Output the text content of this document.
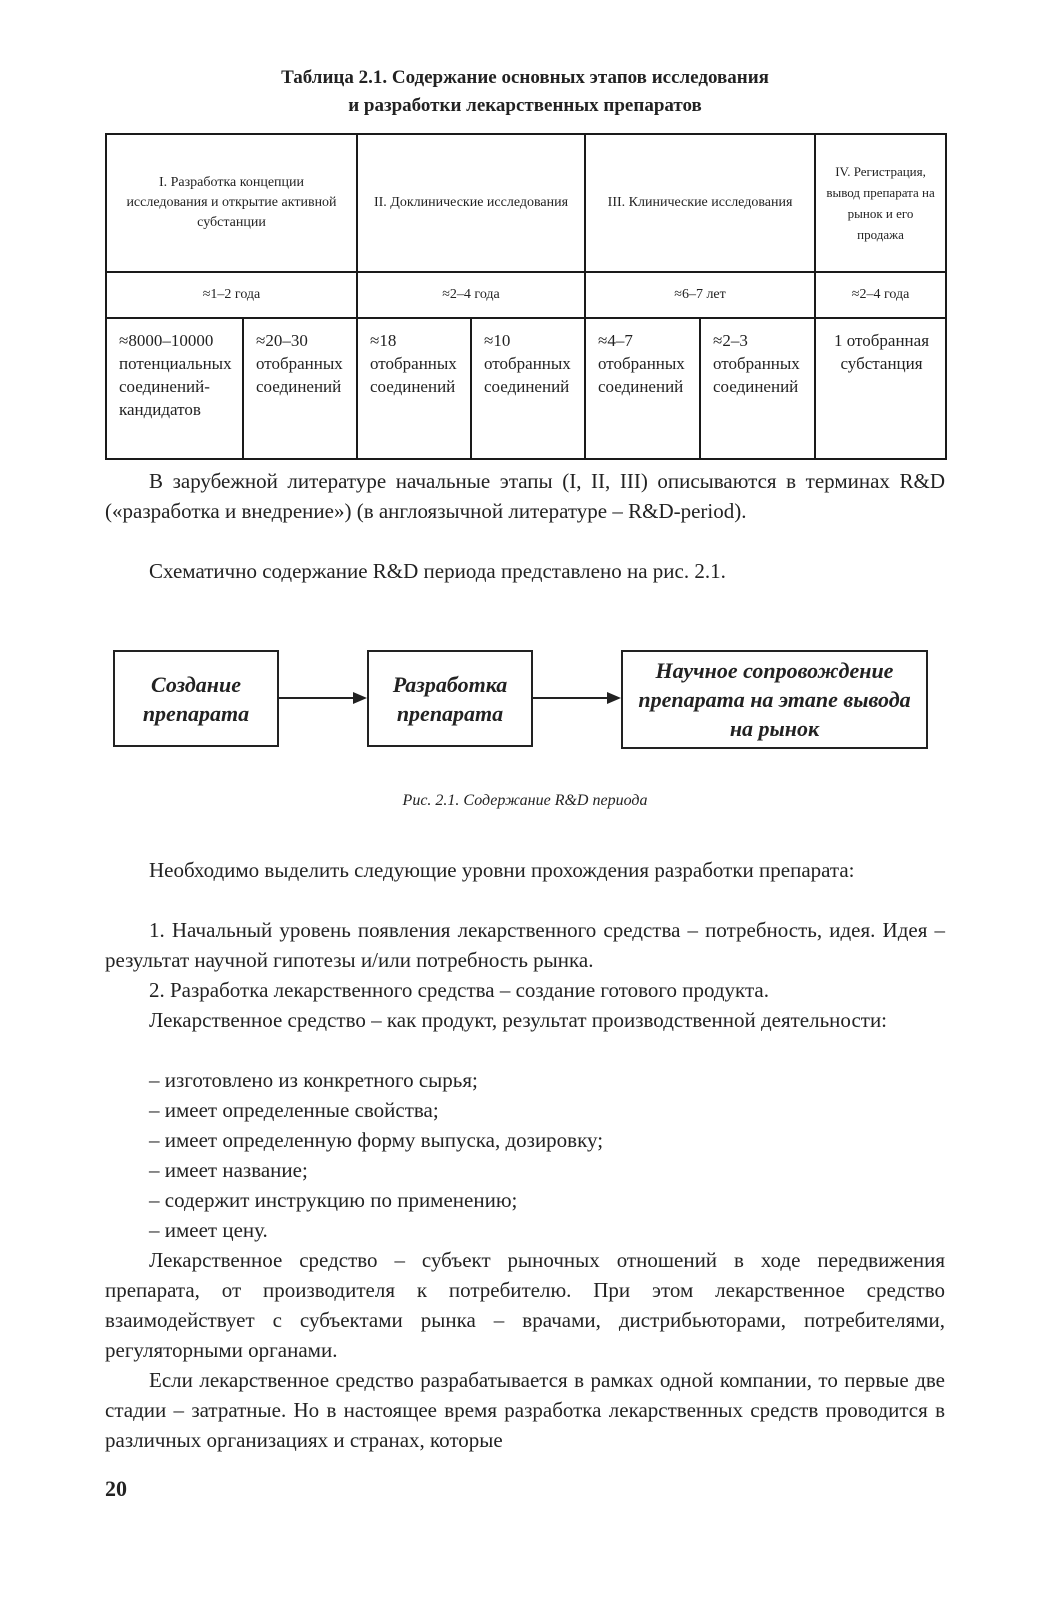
Таблица 2.1. Содержание основных этапов исследования
и разработки лекарственных препаратов
I. Разработка концепции исследования и открытие активной субстанции		II. Доклинические исследования		III. Клинические исследования		IV. Регистрация, вывод препарата на рынок и его продажа
≈1–2 года		≈2–4 года		≈6–7 лет		≈2–4 года
≈8000–10000 потенциальных соединений-кандидатов	≈20–30 отобранных соединений	≈18 отобранных соединений	≈10 отобранных соединений	≈4–7 отобранных соединений	≈2–3 отобранных соединений	1 отобранная субстанция
В зарубежной литературе начальные этапы (I, II, III) описываются в терминах R&D («разработка и внедрение») (в англоязычной литературе – R&D-period).
Схематично содержание R&D периода представлено на рис. 2.1.
Создание препарата
Разработка препарата
Научное сопровождение препарата на этапе вывода на рынок
Рис. 2.1. Содержание R&D периода
Необходимо выделить следующие уровни прохождения разработки препарата:
1. Начальный уровень появления лекарственного средства – потребность, идея. Идея – результат научной гипотезы и/или потребность рынка.
2. Разработка лекарственного средства – создание готового продукта.
Лекарственное средство – как продукт, результат производственной деятельности:
– изготовлено из конкретного сырья;
– имеет определенные свойства;
– имеет определенную форму выпуска, дозировку;
– имеет название;
– содержит инструкцию по применению;
– имеет цену.
Лекарственное средство – субъект рыночных отношений в ходе передвижения препарата, от производителя к потребителю. При этом лекарственное средство взаимодействует с субъектами рынка – врачами, дистрибьюторами, потребителями, регуляторными органами.
Если лекарственное средство разрабатывается в рамках одной компании, то первые две стадии – затратные. Но в настоящее время разработка лекарственных средств проводится в различных организациях и странах, которые
20
